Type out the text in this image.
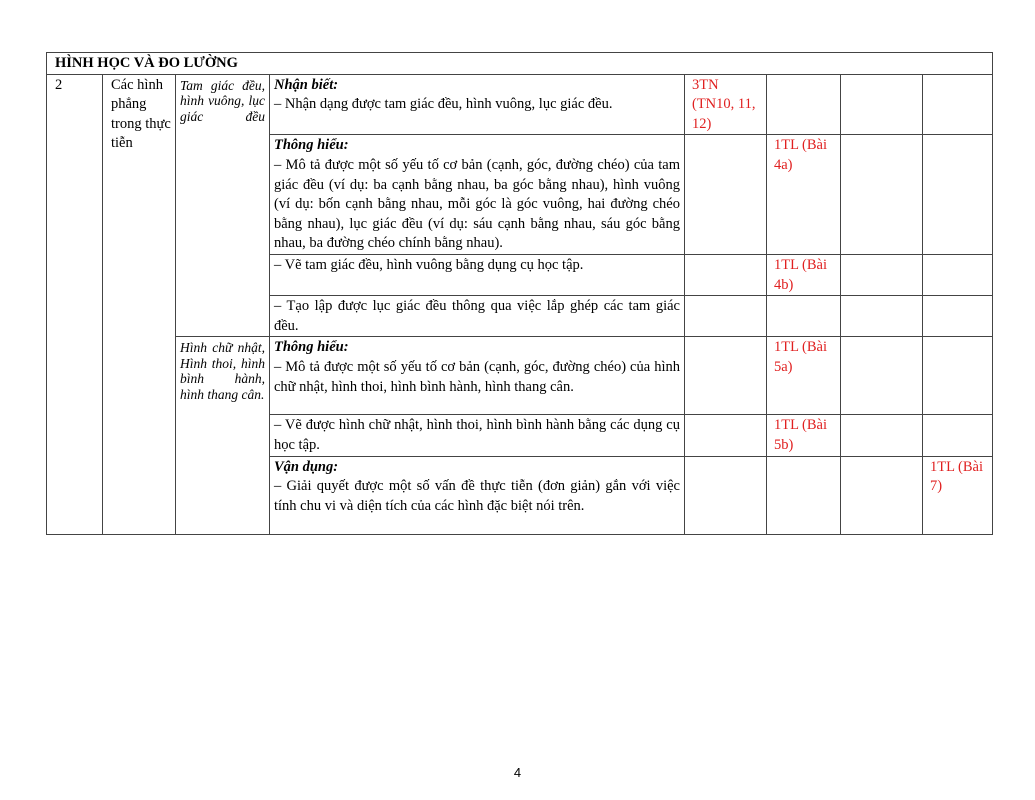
HÌNH HỌC VÀ ĐO LƯỜNG							
2	Các hình phẳng trong thực tiễn	Tam giác đều, hình vuông, lục giác đều	Nhận biết:
– Nhận dạng được tam giác đều, hình vuông, lục giác đều.	3TN (TN10, 11, 12)			

			Thông hiểu:
– Mô tả được một số yếu tố cơ bản (cạnh, góc, đường chéo) của tam giác đều (ví dụ: ba cạnh bằng nhau, ba góc bằng nhau), hình vuông (ví dụ: bốn cạnh bằng nhau, mỗi góc là góc vuông, hai đường chéo bằng nhau), lục giác đều (ví dụ: sáu cạnh bằng nhau, sáu góc bằng nhau, ba đường chéo chính bằng nhau).		1TL (Bài 4a)		

			– Vẽ tam giác đều, hình vuông bằng dụng cụ học tập.		1TL (Bài 4b)		

			– Tạo lập được lục giác đều thông qua việc lắp ghép các tam giác đều.				

		Hình chữ nhật, Hình thoi, hình bình hành, hình thang cân.	Thông hiểu:
– Mô tả được một số yếu tố cơ bản (cạnh, góc, đường chéo) của hình chữ nhật, hình thoi, hình bình hành, hình thang cân.		1TL (Bài 5a)		

			– Vẽ được hình chữ nhật, hình thoi, hình bình hành bằng các dụng cụ học tập.		1TL (Bài 5b)		

			Vận dụng:
– Giải quyết được một số vấn đề thực tiễn (đơn giản) gắn với việc tính chu vi và diện tích của các hình đặc biệt nói trên.				1TL (Bài 7)
4
